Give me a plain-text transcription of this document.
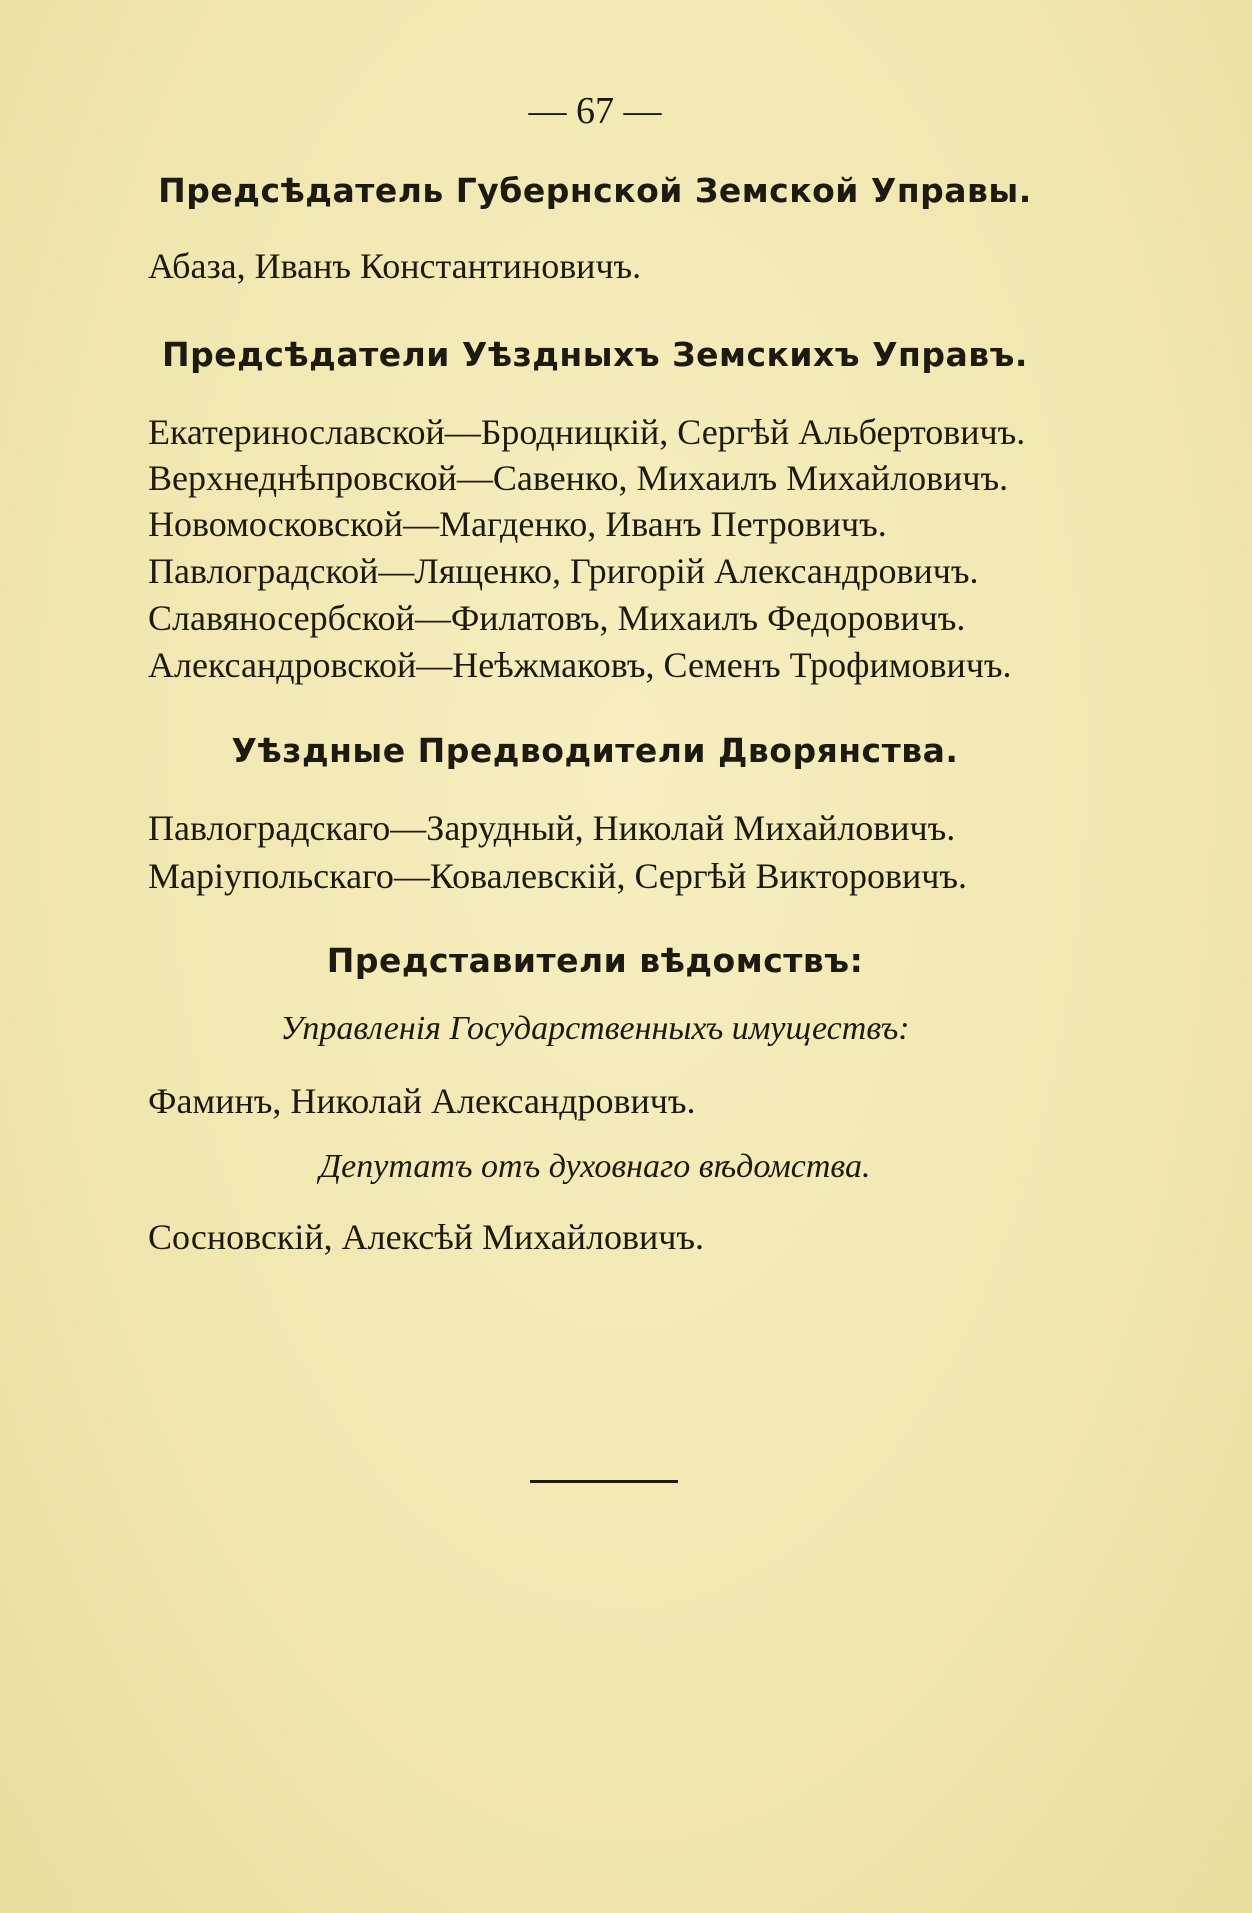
— 67 —
Предсѣдатель Губернской Земской Управы.
Абаза, Иванъ Константиновичъ.
Предсѣдатели Уѣздныхъ Земскихъ Управъ.
Екатеринославской—Бродницкій, Сергѣй Альбертовичъ.
Верхнеднѣпровской—Савенко, Михаилъ Михайловичъ.
Новомосковской—Магденко, Иванъ Петровичъ.
Павлоградской—Лященко, Григорій Александровичъ.
Славяносербской—Филатовъ, Михаилъ Федоровичъ.
Александровской—Неѣжмаковъ, Семенъ Трофимовичъ.
Уѣздные Предводители Дворянства.
Павлоградскаго—Зарудный, Николай Михайловичъ.
Маріупольскаго—Ковалевскій, Сергѣй Викторовичъ.
Представители вѣдомствъ:
Управленія Государственныхъ имуществъ:
Фаминъ, Николай Александровичъ.
Депутатъ отъ духовнаго вѣдомства.
Сосновскій, Алексѣй Михайловичъ.
